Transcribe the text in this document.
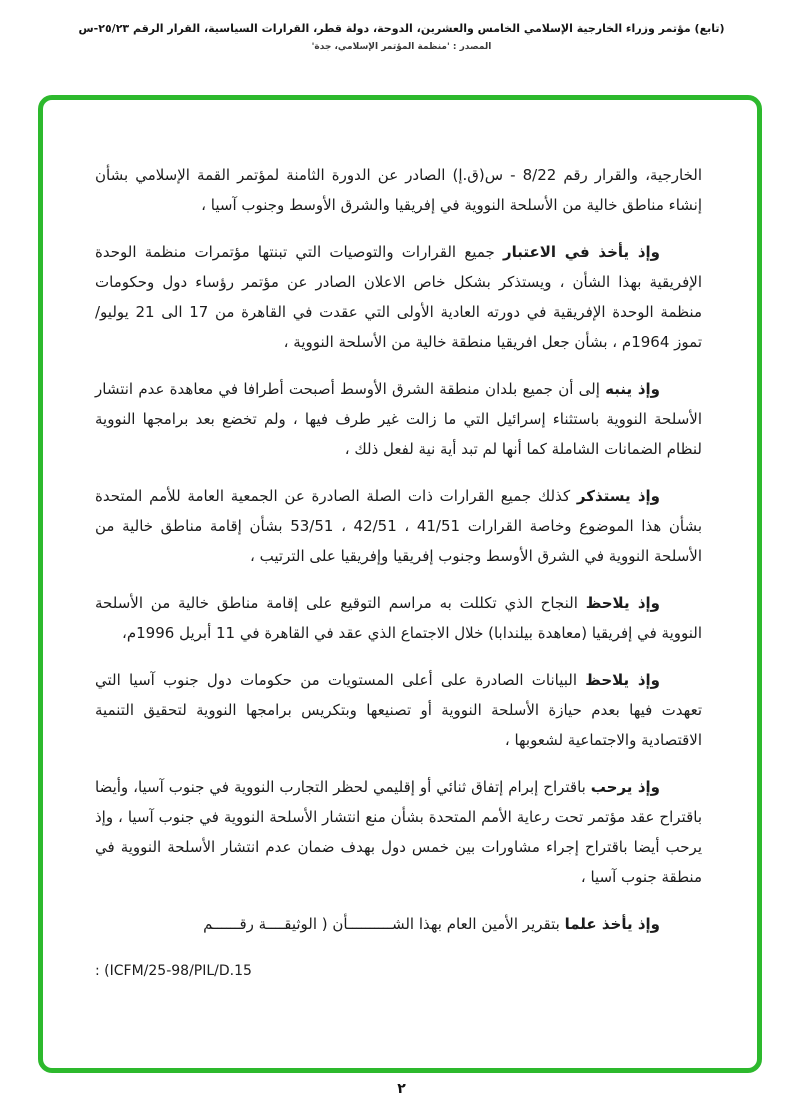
(تابع) مؤتمر وزراء الخارجية الإسلامي الخامس والعشرين، الدوحة، دولة قطر، القرارات السياسية، القرار الرقم ٢٥/٢٣-س
المصدر : 'منظمة المؤتمر الإسلامي، جدة'

الخارجية، والقرار رقم 8/22 - س(ق.إ) الصادر عن الدورة الثامنة لمؤتمر القمة الإسلامي بشأن إنشاء مناطق خالية من الأسلحة النووية في إفريقيا والشرق الأوسط وجنوب آسيا ،

وإذ يأخذ في الاعتبار جميع القرارات والتوصيات التي تبنتها مؤتمرات منظمة الوحدة الإفريقية بهذا الشأن ، ويستذكر بشكل خاص الاعلان الصادر عن مؤتمر رؤساء دول وحكومات منظمة الوحدة الإفريقية في دورته العادية الأولى التي عقدت في القاهرة من 17 الى 21 يوليو/ تموز 1964م ، بشأن جعل افريقيا منطقة خالية من الأسلحة النووية ،

وإذ ينبه إلى أن جميع بلدان منطقة الشرق الأوسط أصبحت أطرافا في معاهدة عدم انتشار الأسلحة النووية باستثناء إسرائيل التي ما زالت غير طرف فيها ، ولم تخضع بعد برامجها النووية لنظام الضمانات الشاملة كما أنها لم تبد أية نية لفعل ذلك ،

وإذ يستذكر كذلك جميع القرارات ذات الصلة الصادرة عن الجمعية العامة للأمم المتحدة بشأن هذا الموضوع وخاصة القرارات 41/51 ، 42/51 ، 53/51 بشأن إقامة مناطق خالية من الأسلحة النووية في الشرق الأوسط وجنوب إفريقيا وإفريقيا على الترتيب ،

وإذ يلاحظ النجاح الذي تكللت به مراسم التوقيع على إقامة مناطق خالية من الأسلحة النووية في إفريقيا (معاهدة بيلندابا) خلال الاجتماع الذي عقد في القاهرة في 11 أبريل 1996م،

وإذ يلاحظ البيانات الصادرة على أعلى المستويات من حكومات دول جنوب آسيا التي تعهدت فيها بعدم حيازة الأسلحة النووية أو تصنيعها وبتكريس برامجها النووية لتحقيق التنمية الاقتصادية والاجتماعية لشعوبها ،

وإذ يرحب باقتراح إبرام إتفاق ثنائي أو إقليمي لحظر التجارب النووية في جنوب آسيا، وأيضا باقتراح عقد مؤتمر تحت رعاية الأمم المتحدة بشأن منع انتشار الأسلحة النووية في جنوب آسيا ، وإذ يرحب أيضا باقتراح إجراء مشاورات بين خمس دول بهدف ضمان عدم انتشار الأسلحة النووية في منطقة جنوب آسيا ،

وإذ يأخذ علما بتقرير الأمين العام بهذا الشــــــــــأن ( الوثيقــــة رقــــــم

: (ICFM/25-98/PIL/D.15
٢
